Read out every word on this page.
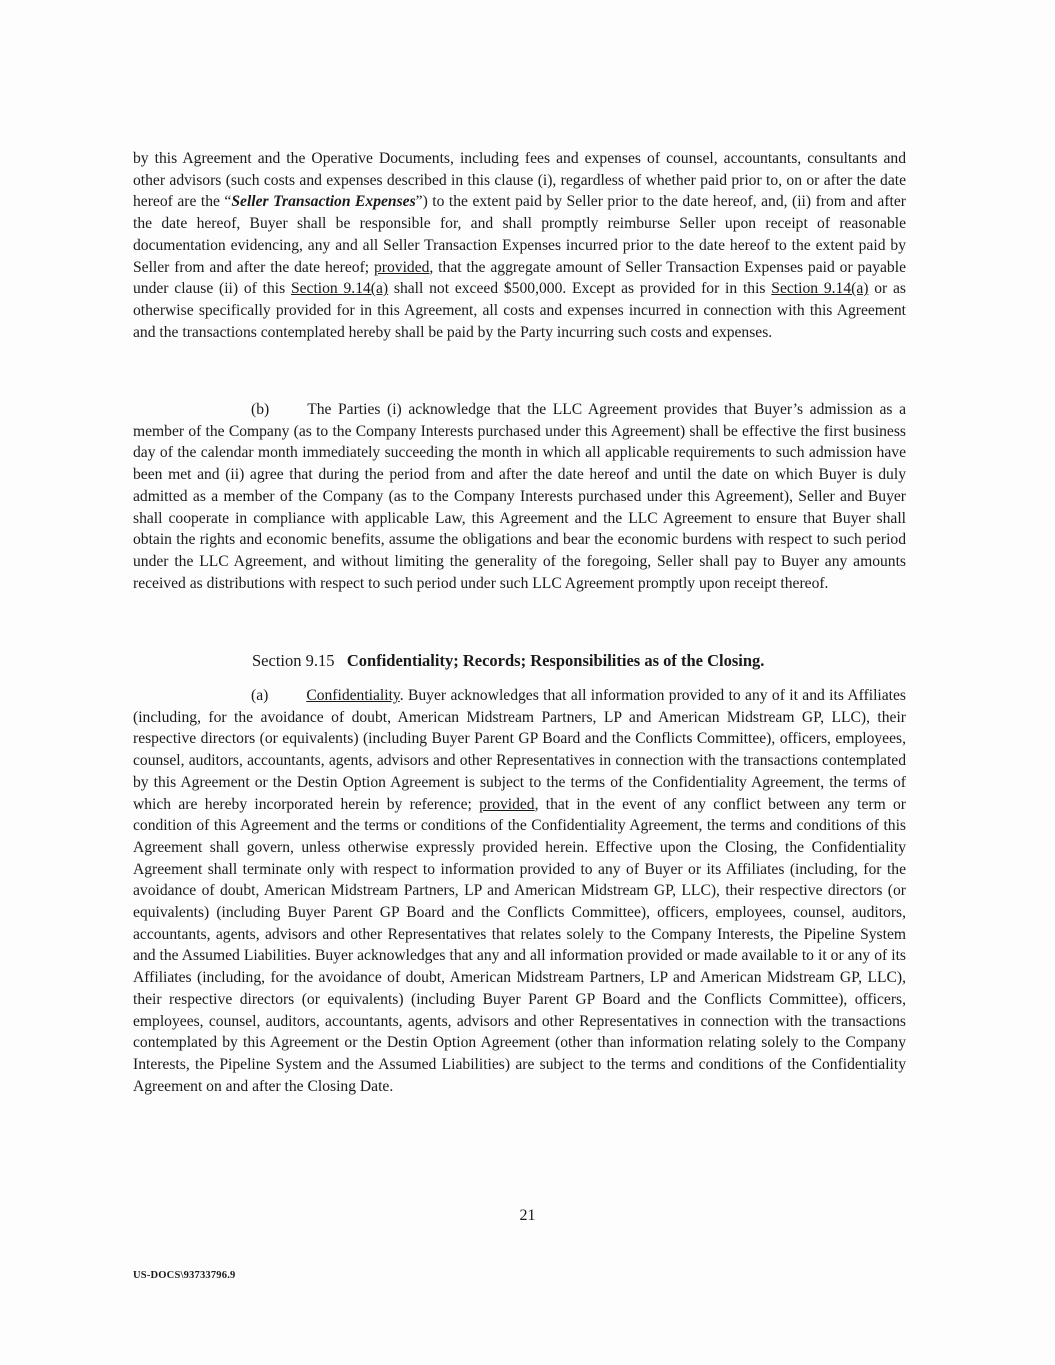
by this Agreement and the Operative Documents, including fees and expenses of counsel, accountants, consultants and other advisors (such costs and expenses described in this clause (i), regardless of whether paid prior to, on or after the date hereof are the “Seller Transaction Expenses”) to the extent paid by Seller prior to the date hereof, and, (ii) from and after the date hereof, Buyer shall be responsible for, and shall promptly reimburse Seller upon receipt of reasonable documentation evidencing, any and all Seller Transaction Expenses incurred prior to the date hereof to the extent paid by Seller from and after the date hereof; provided, that the aggregate amount of Seller Transaction Expenses paid or payable under clause (ii) of this Section 9.14(a) shall not exceed $500,000. Except as provided for in this Section 9.14(a) or as otherwise specifically provided for in this Agreement, all costs and expenses incurred in connection with this Agreement and the transactions contemplated hereby shall be paid by the Party incurring such costs and expenses.

(b) The Parties (i) acknowledge that the LLC Agreement provides that Buyer’s admission as a member of the Company (as to the Company Interests purchased under this Agreement) shall be effective the first business day of the calendar month immediately succeeding the month in which all applicable requirements to such admission have been met and (ii) agree that during the period from and after the date hereof and until the date on which Buyer is duly admitted as a member of the Company (as to the Company Interests purchased under this Agreement), Seller and Buyer shall cooperate in compliance with applicable Law, this Agreement and the LLC Agreement to ensure that Buyer shall obtain the rights and economic benefits, assume the obligations and bear the economic burdens with respect to such period under the LLC Agreement, and without limiting the generality of the foregoing, Seller shall pay to Buyer any amounts received as distributions with respect to such period under such LLC Agreement promptly upon receipt thereof.

Section 9.15 Confidentiality; Records; Responsibilities as of the Closing.

(a) Confidentiality. Buyer acknowledges that all information provided to any of it and its Affiliates (including, for the avoidance of doubt, American Midstream Partners, LP and American Midstream GP, LLC), their respective directors (or equivalents) (including Buyer Parent GP Board and the Conflicts Committee), officers, employees, counsel, auditors, accountants, agents, advisors and other Representatives in connection with the transactions contemplated by this Agreement or the Destin Option Agreement is subject to the terms of the Confidentiality Agreement, the terms of which are hereby incorporated herein by reference; provided, that in the event of any conflict between any term or condition of this Agreement and the terms or conditions of the Confidentiality Agreement, the terms and conditions of this Agreement shall govern, unless otherwise expressly provided herein. Effective upon the Closing, the Confidentiality Agreement shall terminate only with respect to information provided to any of Buyer or its Affiliates (including, for the avoidance of doubt, American Midstream Partners, LP and American Midstream GP, LLC), their respective directors (or equivalents) (including Buyer Parent GP Board and the Conflicts Committee), officers, employees, counsel, auditors, accountants, agents, advisors and other Representatives that relates solely to the Company Interests, the Pipeline System and the Assumed Liabilities. Buyer acknowledges that any and all information provided or made available to it or any of its Affiliates (including, for the avoidance of doubt, American Midstream Partners, LP and American Midstream GP, LLC), their respective directors (or equivalents) (including Buyer Parent GP Board and the Conflicts Committee), officers, employees, counsel, auditors, accountants, agents, advisors and other Representatives in connection with the transactions contemplated by this Agreement or the Destin Option Agreement (other than information relating solely to the Company Interests, the Pipeline System and the Assumed Liabilities) are subject to the terms and conditions of the Confidentiality Agreement on and after the Closing Date.

21
US-DOCS\93733796.9
